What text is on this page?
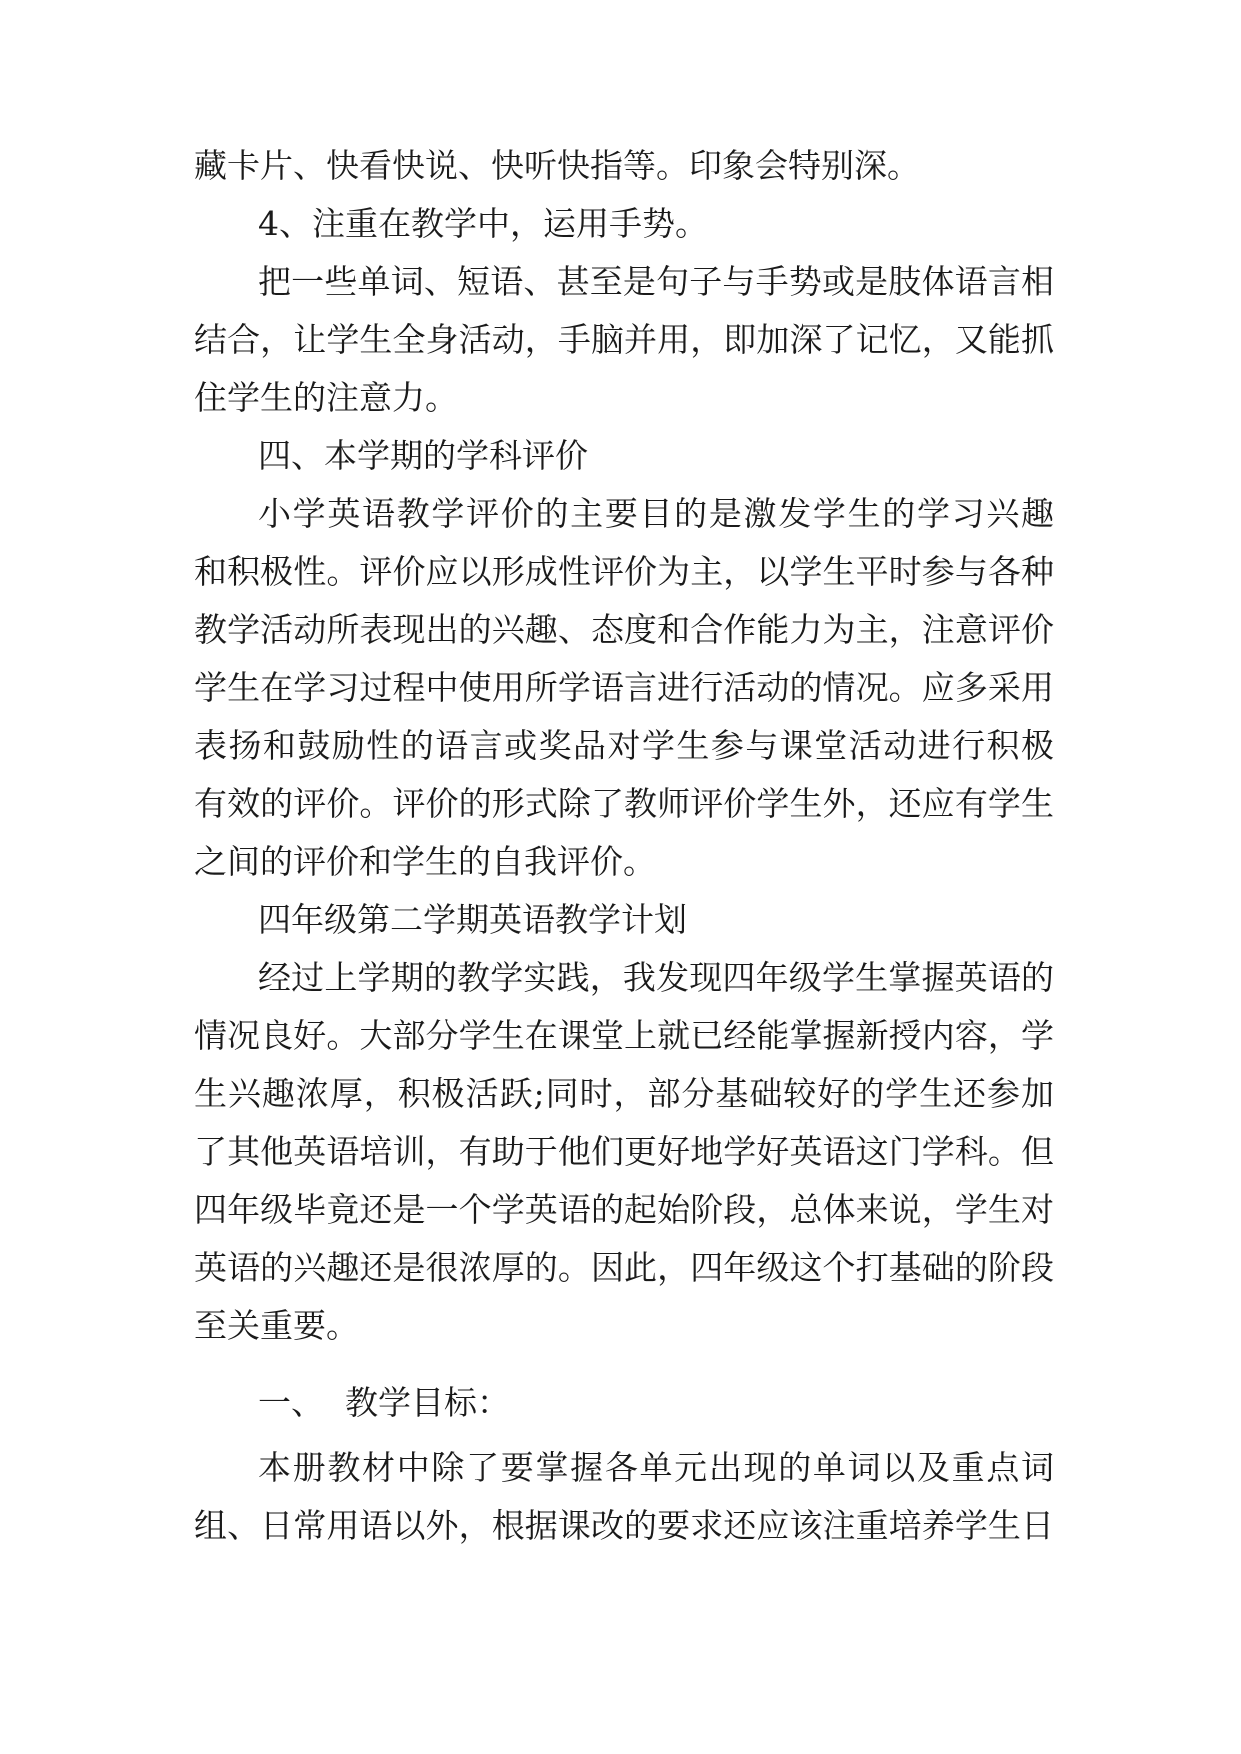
藏卡片、快看快说、快听快指等。印象会特别深。
4、注重在教学中，运用手势。
把一些单词、短语、甚至是句子与手势或是肢体语言相
结合，让学生全身活动，手脑并用，即加深了记忆，又能抓
住学生的注意力。
四、本学期的学科评价
小学英语教学评价的主要目的是激发学生的学习兴趣
和积极性。评价应以形成性评价为主，以学生平时参与各种
教学活动所表现出的兴趣、态度和合作能力为主，注意评价
学生在学习过程中使用所学语言进行活动的情况。应多采用
表扬和鼓励性的语言或奖品对学生参与课堂活动进行积极
有效的评价。评价的形式除了教师评价学生外，还应有学生
之间的评价和学生的自我评价。
四年级第二学期英语教学计划
经过上学期的教学实践，我发现四年级学生掌握英语的
情况良好。大部分学生在课堂上就已经能掌握新授内容，学
生兴趣浓厚，积极活跃;同时，部分基础较好的学生还参加
了其他英语培训，有助于他们更好地学好英语这门学科。但
四年级毕竟还是一个学英语的起始阶段，总体来说，学生对
英语的兴趣还是很浓厚的。因此，四年级这个打基础的阶段
至关重要。
一、  教学目标：
本册教材中除了要掌握各单元出现的单词以及重点词
组、日常用语以外，根据课改的要求还应该注重培养学生日
